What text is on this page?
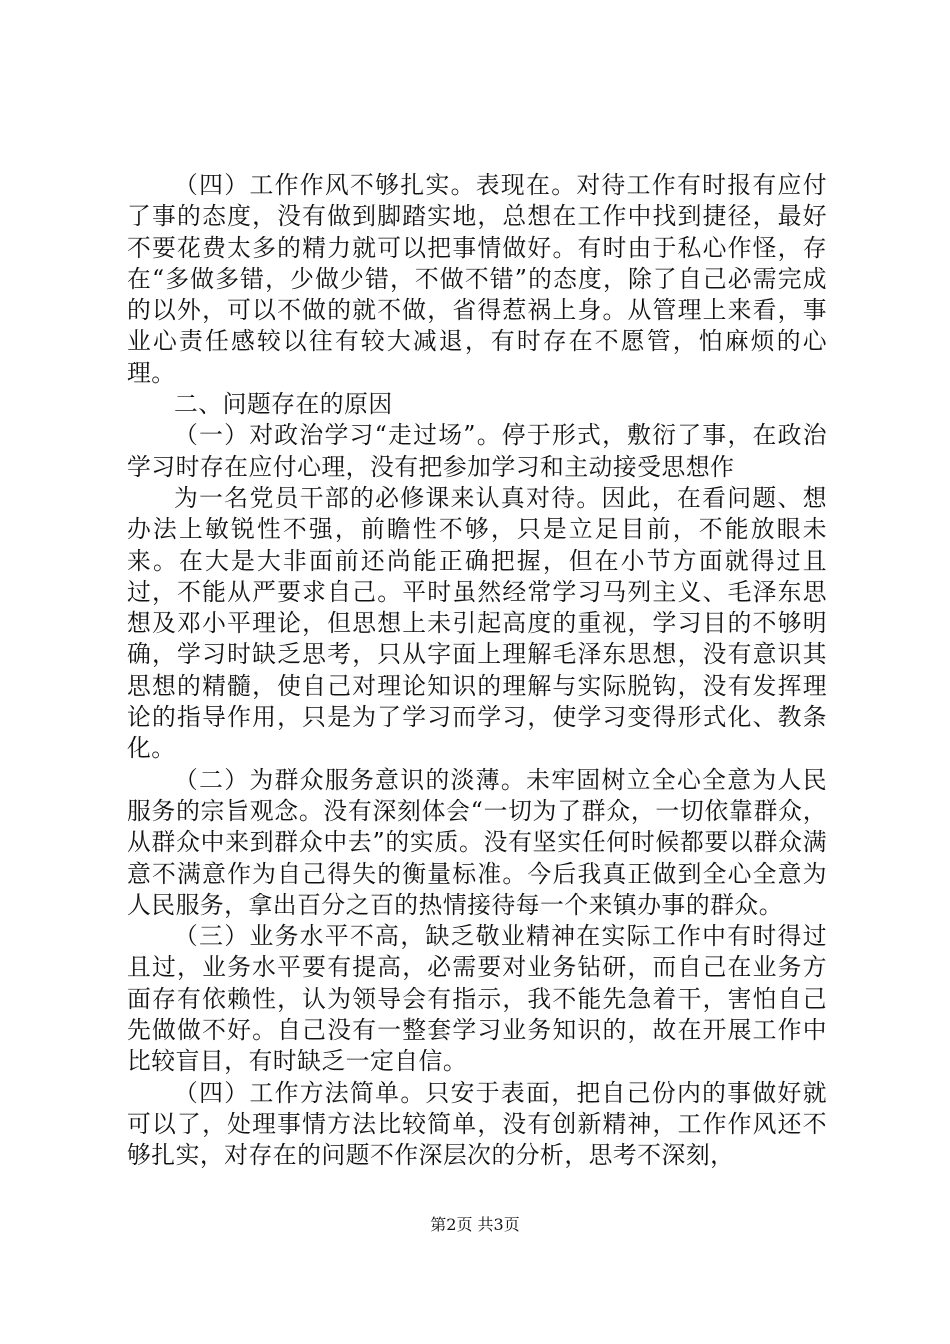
（四）工作作风不够扎实。表现在。对待工作有时报有应付了事的态度，没有做到脚踏实地，总想在工作中找到捷径，最好不要花费太多的精力就可以把事情做好。有时由于私心作怪，存在“多做多错，少做少错，不做不错”的态度，除了自己必需完成的以外，可以不做的就不做，省得惹祸上身。从管理上来看，事业心责任感较以往有较大减退，有时存在不愿管，怕麻烦的心理。

二、问题存在的原因

（一）对政治学习“走过场”。停于形式，敷衍了事，在政治学习时存在应付心理，没有把参加学习和主动接受思想作

为一名党员干部的必修课来认真对待。因此，在看问题、想办法上敏锐性不强，前瞻性不够，只是立足目前，不能放眼未来。在大是大非面前还尚能正确把握，但在小节方面就得过且过，不能从严要求自己。平时虽然经常学习马列主义、毛泽东思想及邓小平理论，但思想上未引起高度的重视，学习目的不够明确，学习时缺乏思考，只从字面上理解毛泽东思想，没有意识其思想的精髓，使自己对理论知识的理解与实际脱钩，没有发挥理论的指导作用，只是为了学习而学习，使学习变得形式化、教条化。

（二）为群众服务意识的淡薄。未牢固树立全心全意为人民服务的宗旨观念。没有深刻体会“一切为了群众，一切依靠群众，从群众中来到群众中去”的实质。没有坚实任何时候都要以群众满意不满意作为自己得失的衡量标准。今后我真正做到全心全意为人民服务，拿出百分之百的热情接待每一个来镇办事的群众。

（三）业务水平不高，缺乏敬业精神在实际工作中有时得过且过，业务水平要有提高，必需要对业务钻研，而自己在业务方面存有依赖性，认为领导会有指示，我不能先急着干，害怕自己先做做不好。自己没有一整套学习业务知识的，故在开展工作中比较盲目，有时缺乏一定自信。

（四）工作方法简单。只安于表面，把自己份内的事做好就可以了，处理事情方法比较简单，没有创新精神，工作作风还不够扎实，对存在的问题不作深层次的分析，思考不深刻，

第2页 共3页
